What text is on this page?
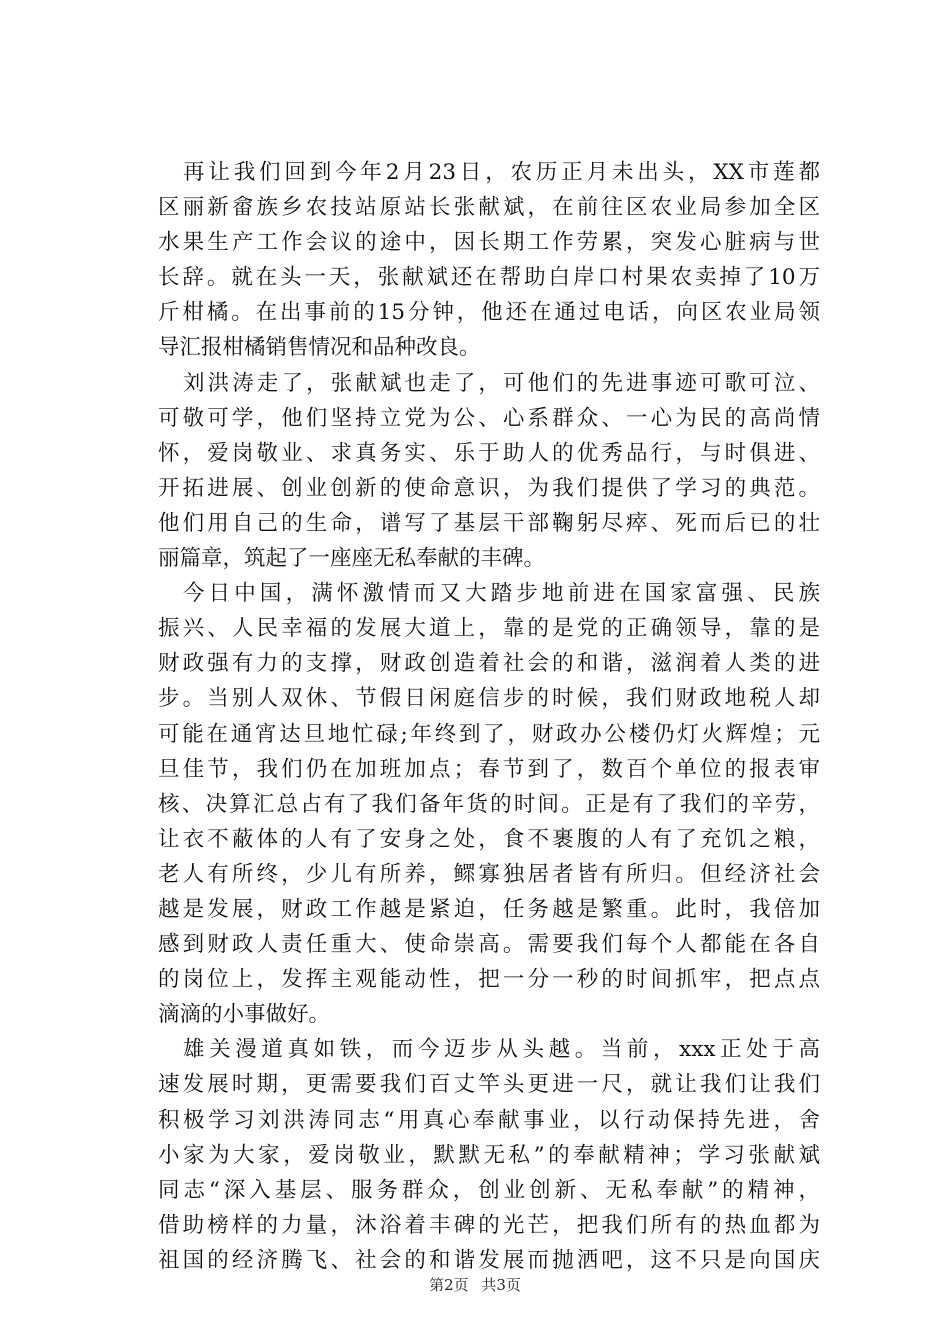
再让我们回到今年2月23日，农历正月未出头，XX市莲都
区丽新畲族乡农技站原站长张献斌，在前往区农业局参加全区
水果生产工作会议的途中，因长期工作劳累，突发心脏病与世
长辞。就在头一天，张献斌还在帮助白岸口村果农卖掉了10万
斤柑橘。在出事前的15分钟，他还在通过电话，向区农业局领
导汇报柑橘销售情况和品种改良。
刘洪涛走了，张献斌也走了，可他们的先进事迹可歌可泣、
可敬可学，他们坚持立党为公、心系群众、一心为民的高尚情
怀，爱岗敬业、求真务实、乐于助人的优秀品行，与时俱进、
开拓进展、创业创新的使命意识，为我们提供了学习的典范。
他们用自己的生命，谱写了基层干部鞠躬尽瘁、死而后已的壮
丽篇章，筑起了一座座无私奉献的丰碑。
今日中国，满怀激情而又大踏步地前进在国家富强、民族
振兴、人民幸福的发展大道上，靠的是党的正确领导，靠的是
财政强有力的支撑，财政创造着社会的和谐，滋润着人类的进
步。当别人双休、节假日闲庭信步的时候，我们财政地税人却
可能在通宵达旦地忙碌;年终到了，财政办公楼仍灯火辉煌；元
旦佳节，我们仍在加班加点；春节到了，数百个单位的报表审
核、决算汇总占有了我们备年货的时间。正是有了我们的辛劳，
让衣不蔽体的人有了安身之处，食不裹腹的人有了充饥之粮，
老人有所终，少儿有所养，鳏寡独居者皆有所归。但经济社会
越是发展，财政工作越是紧迫，任务越是繁重。此时，我倍加
感到财政人责任重大、使命崇高。需要我们每个人都能在各自
的岗位上，发挥主观能动性，把一分一秒的时间抓牢，把点点
滴滴的小事做好。
雄关漫道真如铁，而今迈步从头越。当前，xxx正处于高
速发展时期，更需要我们百丈竿头更进一尺，就让我们让我们
积极学习刘洪涛同志“用真心奉献事业，以行动保持先进，舍
小家为大家，爱岗敬业，默默无私”的奉献精神；学习张献斌
同志“深入基层、服务群众，创业创新、无私奉献”的精神，
借助榜样的力量，沐浴着丰碑的光芒，把我们所有的热血都为
祖国的经济腾飞、社会的和谐发展而抛洒吧，这不只是向国庆
第2页 共3页
